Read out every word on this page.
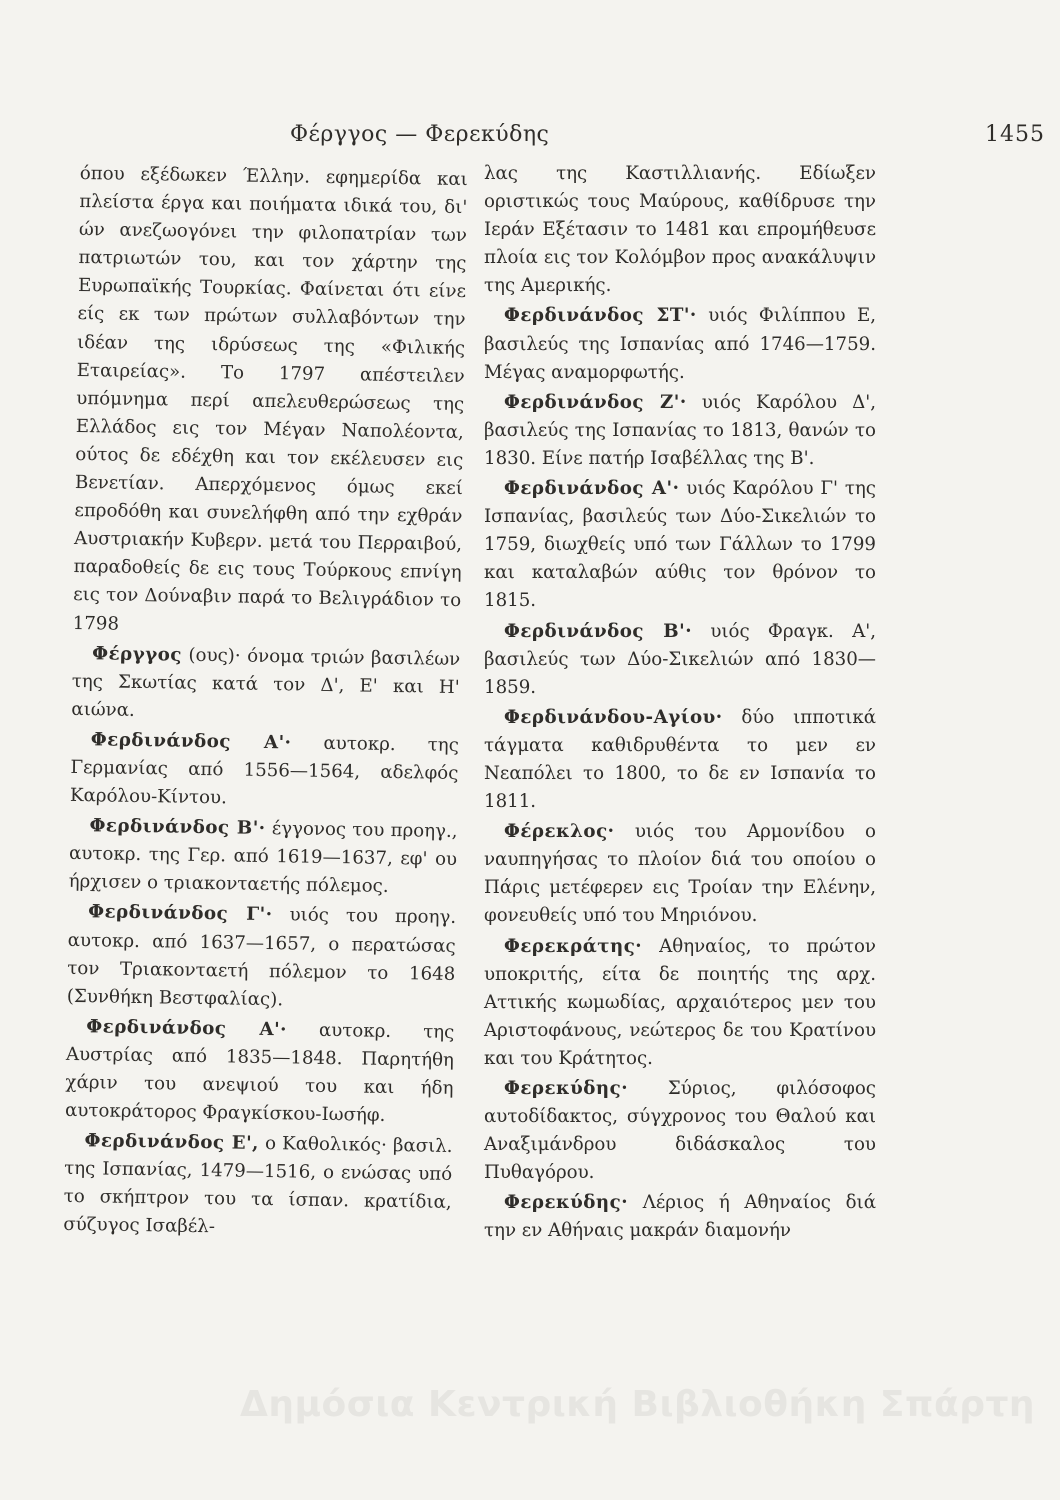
Φέργγος — Φερεκύδης	1455

όπου εξέδωκεν Έλλην. εφημερίδα και πλείστα έργα και ποιήματα ιδικά του, δι' ών ανεζωογόνει την φιλοπατρίαν των πατριωτών του, και τον χάρτην της Ευρωπαϊκής Τουρκίας. Φαίνεται ότι είνε είς εκ των πρώτων συλλαβόντων την ιδέαν της ιδρύσεως της «Φιλικής Εταιρείας». Το 1797 απέστειλεν υπόμνημα περί απελευθερώσεως της Ελλάδος εις τον Μέγαν Ναπολέοντα, ούτος δε εδέχθη και τον εκέλευσεν εις Βενετίαν. Απερχόμενος όμως εκεί επροδόθη και συνελήφθη από την εχθράν Αυστριακήν Κυβερν. μετά του Περραιβού, παραδοθείς δε εις τους Τούρκους επνίγη εις τον Δούναβιν παρά το Βελιγράδιον το 1798

Φέργγος (ους)· όνομα τριών βασιλέων της Σκωτίας κατά τον Δ', Ε' και Η' αιώνα.

Φερδινάνδος Α'· αυτοκρ. της Γερμανίας από 1556—1564, αδελφός Καρόλου-Κίντου.

Φερδινάνδος Β'· έγγονος του προηγ., αυτοκρ. της Γερ. από 1619—1637, εφ' ου ήρχισεν ο τριακονταετής πόλεμος.

Φερδινάνδος Γ'· υιός του προηγ. αυτοκρ. από 1637—1657, ο περατώσας τον Τριακονταετή πόλεμον το 1648 (Συνθήκη Βεστφαλίας).

Φερδινάνδος Α'· αυτοκρ. της Αυστρίας από 1835—1848. Παρητήθη χάριν του ανεψιού του και ήδη αυτοκράτορος Φραγκίσκου-Ιωσήφ.

Φερδινάνδος Ε', ο Καθολικός· βασιλ. της Ισπανίας, 1479—1516, ο ενώσας υπό το σκήπτρον του τα ίσπαν. κρατίδια, σύζυγος Ισαβέλ-

λας της Καστιλλιανής. Εδίωξεν οριστικώς τους Μαύρους, καθίδρυσε την Ιεράν Εξέτασιν το 1481 και επρομήθευσε πλοία εις τον Κολόμβον προς ανακάλυψιν της Αμερικής.

Φερδινάνδος ΣΤ'· υιός Φιλίππου Ε, βασιλεύς της Ισπανίας από 1746—1759. Μέγας αναμορφωτής.

Φερδινάνδος Ζ'· υιός Καρόλου Δ', βασιλεύς της Ισπανίας το 1813, θανών το 1830. Είνε πατήρ Ισαβέλλας της Β'.

Φερδινάνδος Α'· υιός Καρόλου Γ' της Ισπανίας, βασιλεύς των Δύο-Σικελιών το 1759, διωχθείς υπό των Γάλλων το 1799 και καταλαβών αύθις τον θρόνον το 1815.

Φερδινάνδος Β'· υιός Φραγκ. Α', βασιλεύς των Δύο-Σικελιών από 1830—1859.

Φερδινάνδου-Αγίου· δύο ιπποτικά τάγματα καθιδρυθέντα το μεν εν Νεαπόλει το 1800, το δε εν Ισπανία το 1811.

Φέρεκλος· υιός του Αρμονίδου ο ναυπηγήσας το πλοίον διά του οποίου ο Πάρις μετέφερεν εις Τροίαν την Ελένην, φονευθείς υπό του Μηριόνου.

Φερεκράτης· Αθηναίος, το πρώτον υποκριτής, είτα δε ποιητής της αρχ. Αττικής κωμωδίας, αρχαιότερος μεν του Αριστοφάνους, νεώτερος δε του Κρατίνου και του Κράτητος.

Φερεκύδης· Σύριος, φιλόσοφος αυτοδίδακτος, σύγχρονος του Θαλού και Αναξιμάνδρου διδάσκαλος του Πυθαγόρου.

Φερεκύδης· Λέριος ή Αθηναίος διά την εν Αθήναις μακράν διαμονήν

Δημόσια Κεντρική Βιβλιοθήκη Σπάρτη
